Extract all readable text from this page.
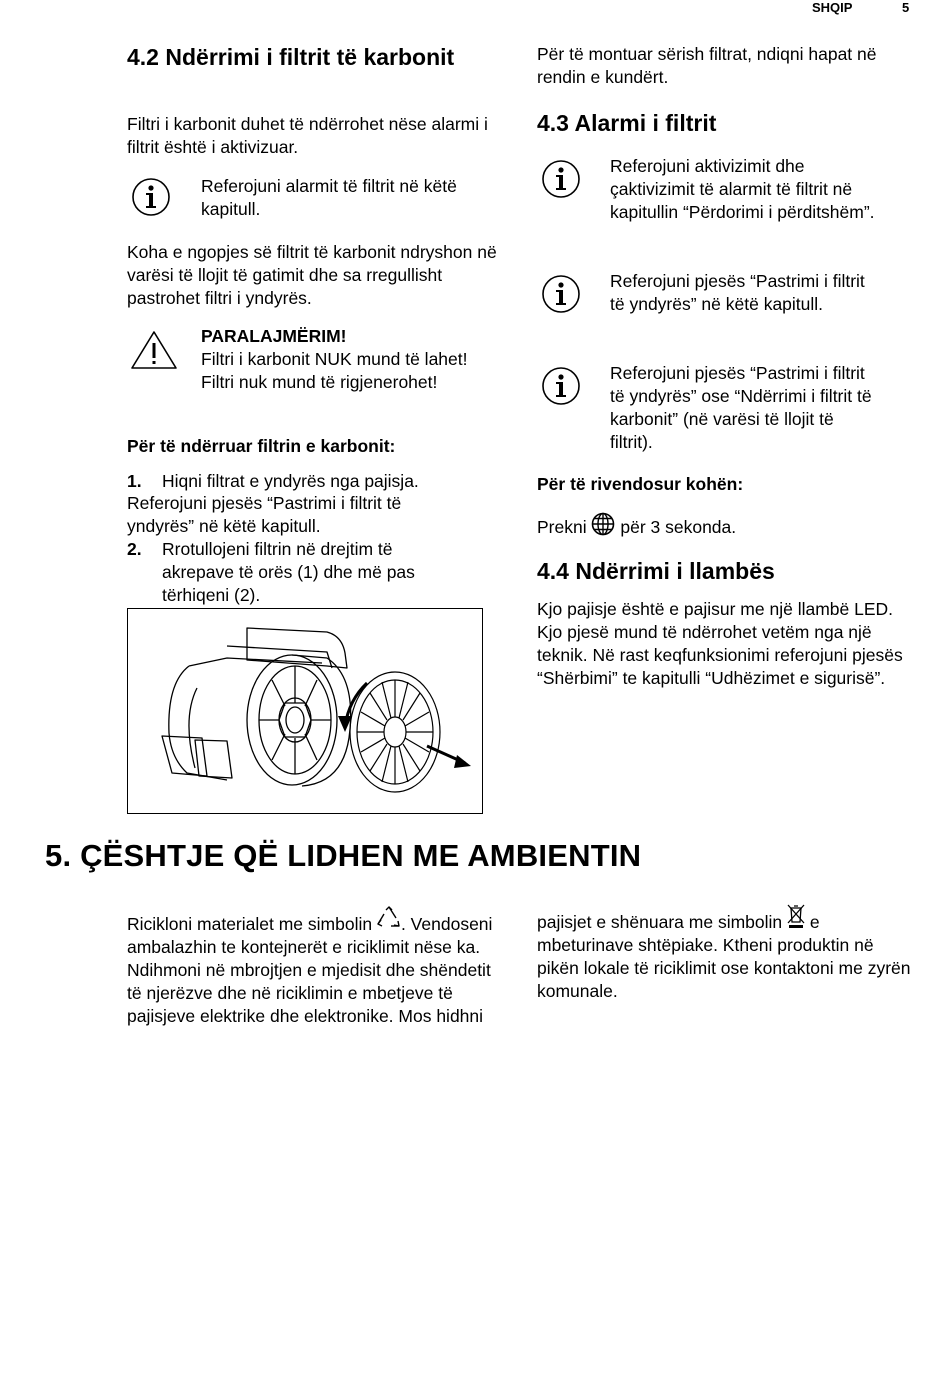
SHQIP	5
4.2 Ndërrimi i filtrit të karbonit
Filtri i karbonit duhet të ndërrohet nëse alarmi i filtrit është i aktivizuar.
Referojuni alarmit të filtrit në këtë kapitull.
Koha e ngopjes së filtrit të karbonit ndryshon në varësi të llojit të gatimit dhe sa rregullisht pastrohet filtri i yndyrës.
PARALAJMËRIM!
Filtri i karbonit NUK mund të lahet! Filtri nuk mund të rigjenerohet!
Për të ndërruar filtrin e karbonit:
1. Hiqni filtrat e yndyrës nga pajisja.
Referojuni pjesës “Pastrimi i filtrit të yndyrës” në këtë kapitull.
2.	Rrotullojeni filtrin në drejtim të akrepave të orës (1) dhe më pas tërhiqeni (2).
Për të montuar sërish filtrat, ndiqni hapat në rendin e kundërt.
4.3 Alarmi i filtrit
Referojuni aktivizimit dhe çaktivizimit të alarmit të filtrit në kapitullin “Përdorimi i përditshëm”.
Referojuni pjesës “Pastrimi i filtrit të yndyrës” në këtë kapitull.
Referojuni pjesës “Pastrimi i filtrit të yndyrës” ose “Ndërrimi i filtrit të karbonit” (në varësi të llojit të filtrit).
Për të rivendosur kohën:
Prekni për 3 sekonda.
4.4 Ndërrimi i llambës
Kjo pajisje është e pajisur me një llambë LED. Kjo pjesë mund të ndërrohet vetëm nga një teknik. Në rast keqfunksionimi referojuni pjesës “Shërbimi” te kapitulli “Udhëzimet e sigurisë”.
5. ÇËSHTJE QË LIDHEN ME AMBIENTIN
Ricikloni materialet me simbolin . Vendoseni ambalazhin te kontejnerët e riciklimit nëse ka. Ndihmoni në mbrojtjen e mjedisit dhe shëndetit të njerëzve dhe në riciklimin e mbetjeve të pajisjeve elektrike dhe elektronike. Mos hidhni
pajisjet e shënuara me simbolin e mbeturinave shtëpiake. Ktheni produktin në pikën lokale të riciklimit ose kontaktoni me zyrën komunale.
